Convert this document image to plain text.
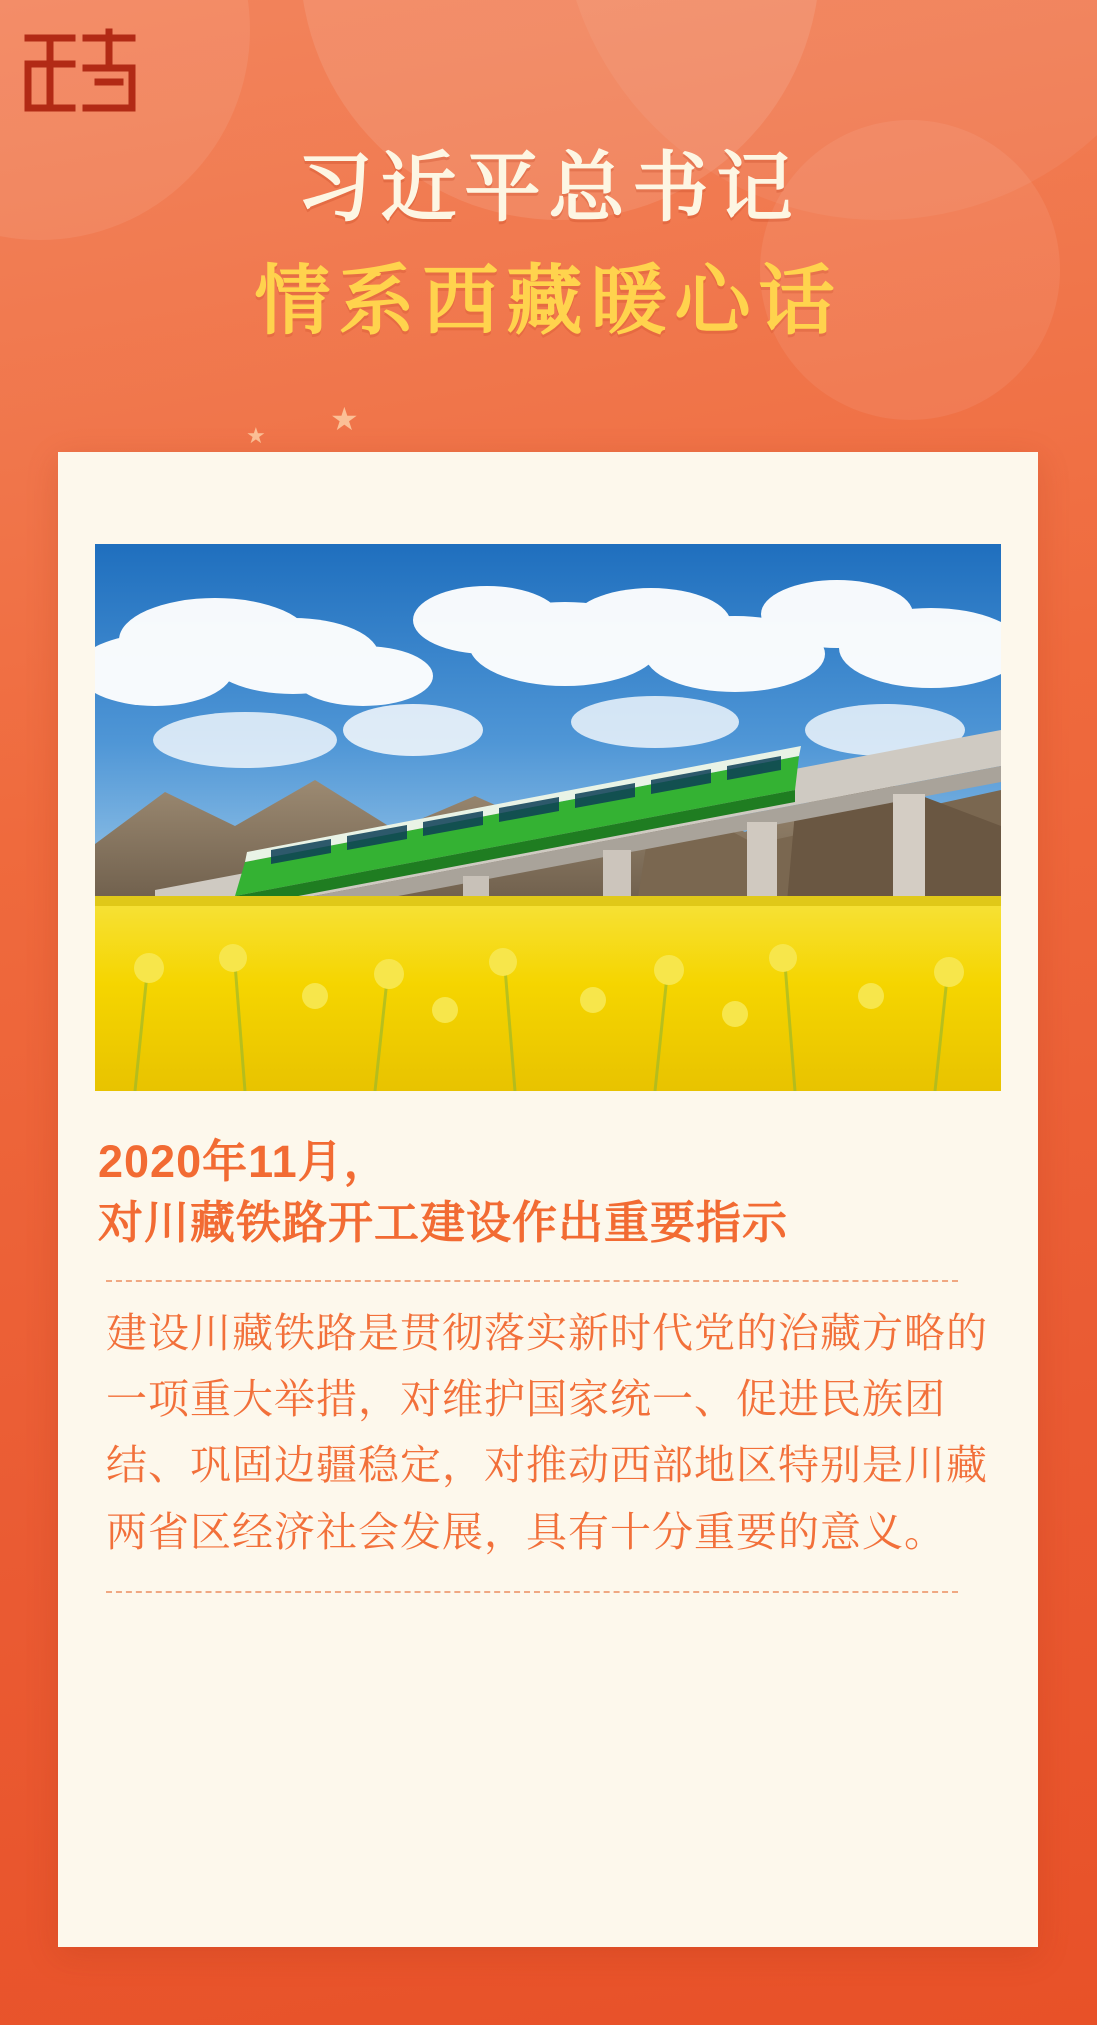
习近平总书记
情系西藏暖心话
★ ★
2020年11月，
对川藏铁路开工建设作出重要指示
建设川藏铁路是贯彻落实新时代党的治藏方略的一项重大举措，对维护国家统一、促进民族团结、巩固边疆稳定，对推动西部地区特别是川藏两省区经济社会发展，具有十分重要的意义。
